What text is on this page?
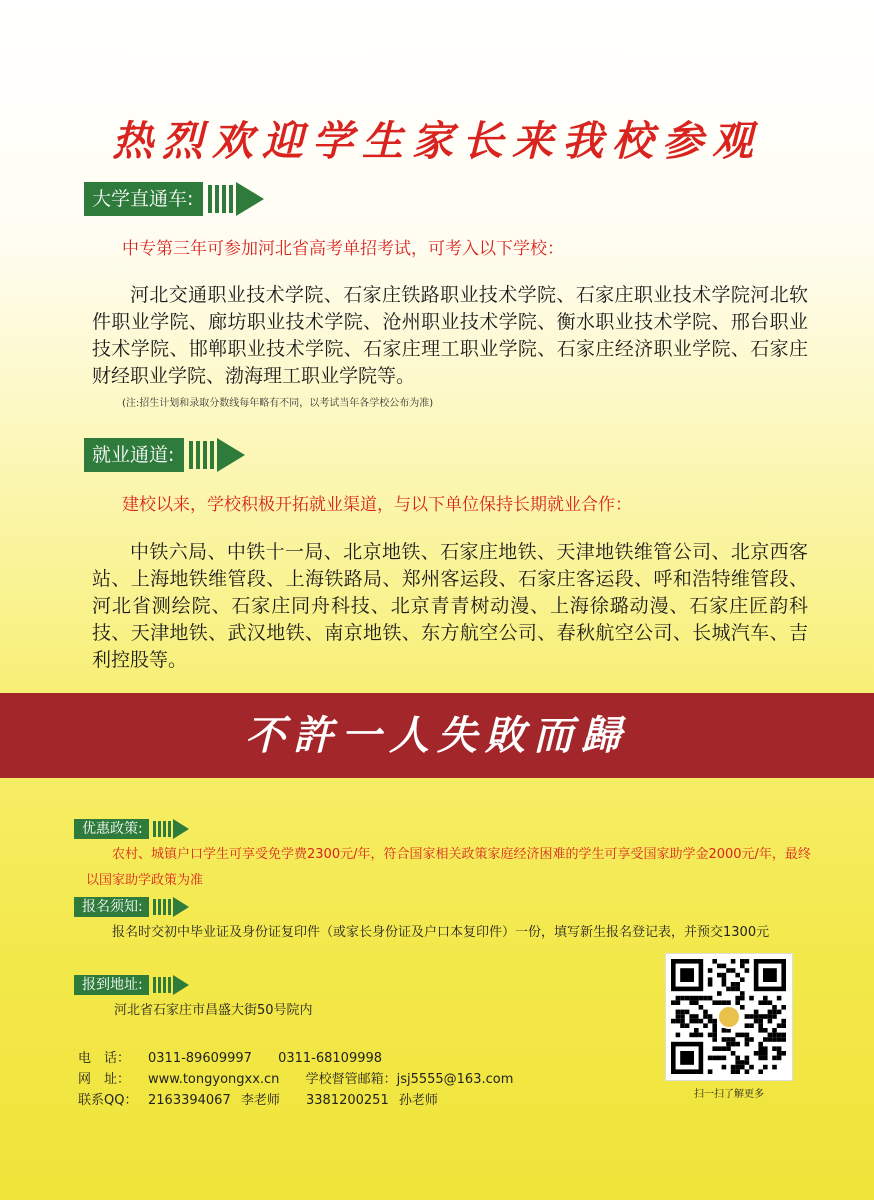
热烈欢迎学生家长来我校参观
大学直通车:
中专第三年可参加河北省高考单招考试，可考入以下学校：
河北交通职业技术学院、石家庄铁路职业技术学院、石家庄职业技术学院河北软件职业学院、廊坊职业技术学院、沧州职业技术学院、衡水职业技术学院、邢台职业技术学院、邯郸职业技术学院、石家庄理工职业学院、石家庄经济职业学院、石家庄财经职业学院、渤海理工职业学院等。
(注:招生计划和录取分数线每年略有不同，以考试当年各学校公布为准)
就业通道:
建校以来，学校积极开拓就业渠道，与以下单位保持长期就业合作：
中铁六局、中铁十一局、北京地铁、石家庄地铁、天津地铁维管公司、北京西客站、上海地铁维管段、上海铁路局、郑州客运段、石家庄客运段、呼和浩特维管段、河北省测绘院、石家庄同舟科技、北京青青树动漫、上海徐璐动漫、石家庄匠韵科技、天津地铁、武汉地铁、南京地铁、东方航空公司、春秋航空公司、长城汽车、吉利控股等。
不許一人失敗而歸
优惠政策:
农村、城镇户口学生可享受免学费2300元/年，符合国家相关政策家庭经济困难的学生可享受国家助学金2000元/年，最终以国家助学政策为准
报名须知:
报名时交初中毕业证及身份证复印件（或家长身份证及户口本复印件）一份，填写新生报名登记表，并预交1300元
报到地址:
河北省石家庄市昌盛大街50号院内
电　话： 0311-89609997 0311-68109998
网　址： www.tongyongxx.cn 学校督管邮箱：jsj5555@163.com
联系QQ： 2163394067 李老师 3381200251 孙老师	扫一扫了解更多
